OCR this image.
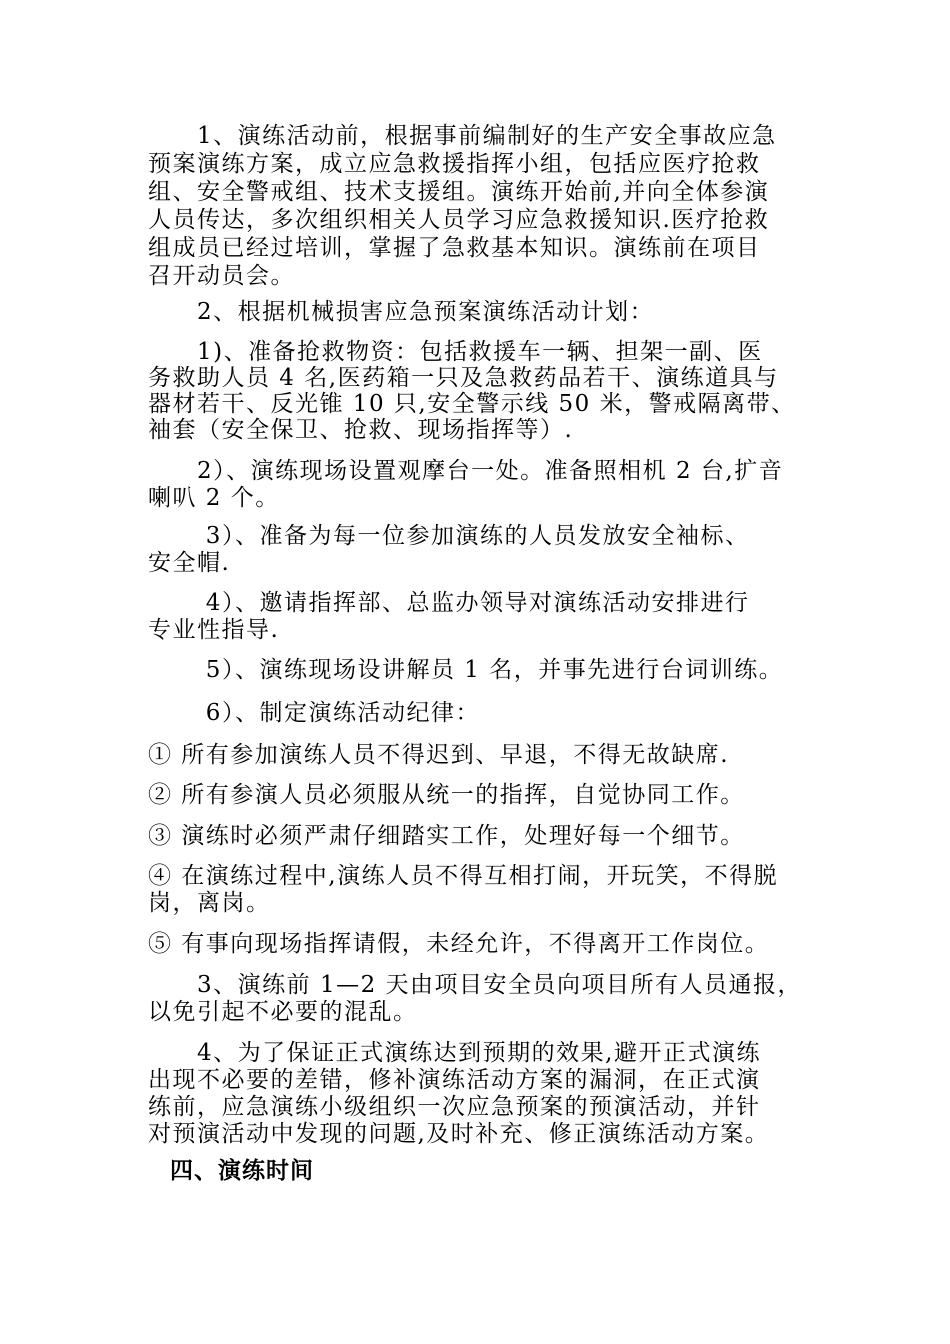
　　1、演练活动前，根据事前编制好的生产安全事故应急
预案演练方案，成立应急救援指挥小组，包括应医疗抢救
组、安全警戒组、技术支援组。演练开始前,并向全体参演
人员传达，多次组织相关人员学习应急救援知识.医疗抢救
组成员已经过培训，掌握了急救基本知识。演练前在项目
召开动员会。
　　2、根据机械损害应急预案演练活动计划：
　　1)、准备抢救物资：包括救援车一辆、担架一副、医
务救助人员 4 名,医药箱一只及急救药品若干、演练道具与
器材若干、反光锥 10 只,安全警示线 50 米，警戒隔离带、
袖套（安全保卫、抢救、现场指挥等）.
　　2）、演练现场设置观摩台一处。准备照相机 2 台,扩音
喇叭 2 个。
　　 3）、准备为每一位参加演练的人员发放安全袖标、
安全帽.
　　 4）、邀请指挥部、总监办领导对演练活动安排进行
专业性指导.
　　 5）、演练现场设讲解员 1 名，并事先进行台词训练。
　　 6）、制定演练活动纪律：
① 所有参加演练人员不得迟到、早退，不得无故缺席.
② 所有参演人员必须服从统一的指挥，自觉协同工作。
③ 演练时必须严肃仔细踏实工作，处理好每一个细节。
④ 在演练过程中,演练人员不得互相打闹，开玩笑，不得脱
岗，离岗。
⑤ 有事向现场指挥请假，未经允许，不得离开工作岗位。
　　3、演练前 1—2 天由项目安全员向项目所有人员通报，
以免引起不必要的混乱。
　　4、为了保证正式演练达到预期的效果,避开正式演练
出现不必要的差错，修补演练活动方案的漏洞，在正式演
练前，应急演练小级组织一次应急预案的预演活动，并针
对预演活动中发现的问题,及时补充、修正演练活动方案。
四、演练时间
